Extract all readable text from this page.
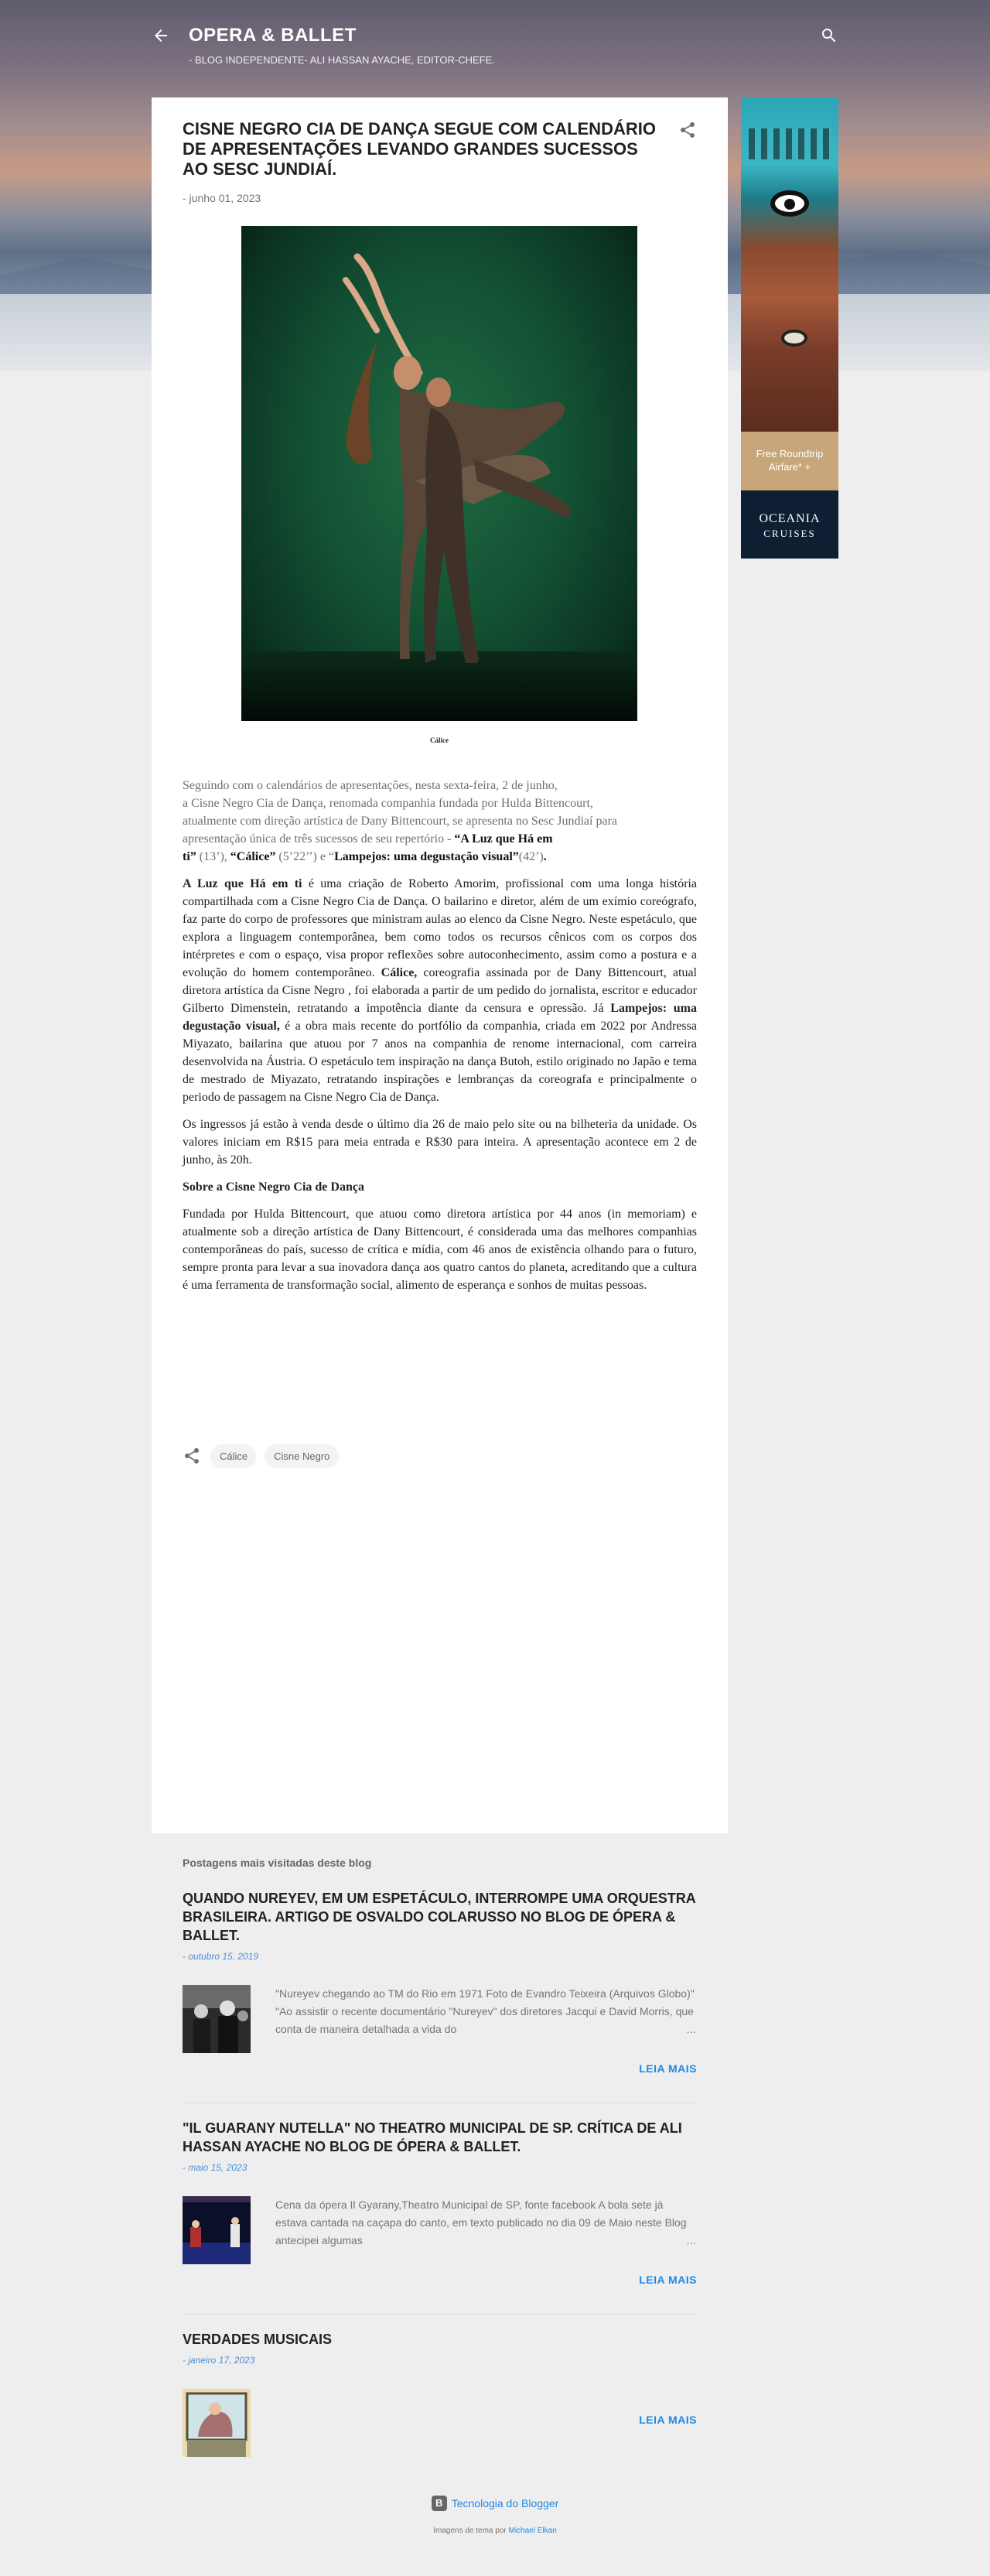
OPERA & BALLET

- BLOG INDEPENDENTE- ALI HASSAN AYACHE, EDITOR-CHEFE.

CISNE NEGRO CIA DE DANÇA SEGUE COM CALENDÁRIO DE APRESENTAÇÕES LEVANDO GRANDES SUCESSOS AO SESC JUNDIAÍ.
- junho 01, 2023
Cálice

Seguindo com o calendários de apresentações, nesta sexta-feira, 2 de junho,
a Cisne Negro Cia de Dança, renomada companhia fundada por Hulda Bittencourt,
atualmente com direção artística de Dany Bittencourt, se apresenta no Sesc Jundiaí para
apresentação única de três sucessos de seu repertório - “A Luz que Há em
ti” (13’), “Cálice” (5’22’’) e “Lampejos: uma degustação visual”(42’).

A Luz que Há em ti é uma criação de Roberto Amorim, profissional com uma longa história compartilhada com a Cisne Negro Cia de Dança. O bailarino e diretor, além de um exímio coreógrafo, faz parte do corpo de professores que ministram aulas ao elenco da Cisne Negro. Neste espetáculo, que explora a linguagem contemporânea, bem como todos os recursos cênicos com os corpos dos intérpretes e com o espaço, visa propor reflexões sobre autoconhecimento, assim como a postura e a evolução do homem contemporâneo. Cálice, coreografia assinada por de Dany Bittencourt, atual diretora artística da Cisne Negro , foi elaborada a partir de um pedido do jornalista, escritor e educador Gilberto Dimenstein, retratando a impotência diante da censura e opressão. Já Lampejos: uma degustação visual, é a obra mais recente do portfólio da companhia, criada em 2022 por Andressa Miyazato, bailarina que atuou por 7 anos na companhia de renome internacional, com carreira desenvolvida na Áustria. O espetáculo tem inspiração na dança Butoh, estilo originado no Japão e tema de mestrado de Miyazato, retratando inspirações e lembranças da coreografa e principalmente o periodo de passagem na Cisne Negro Cia de Dança.

Os ingressos já estão à venda desde o último dia 26 de maio pelo site ou na bilheteria da unidade. Os valores iniciam em R$15 para meia entrada e R$30 para inteira. A apresentação acontece em 2 de junho, às 20h.

Sobre a Cisne Negro Cia de Dança

Fundada por Hulda Bittencourt, que atuou como diretora artística por 44 anos (in memoriam) e atualmente sob a direção artística de Dany Bittencourt, é considerada uma das melhores companhias contemporâneas do país, sucesso de crítica e mídia, com 46 anos de existência olhando para o futuro, sempre pronta para levar a sua inovadora dança aos quatro cantos do planeta, acreditando que a cultura é uma ferramenta de transformação social, alimento de esperança e sonhos de muitas pessoas.

Cálice	Cisne Negro
Free Roundtrip Airfare* +
OCEANIA
CRUISES
Postagens mais visitadas deste blog
QUANDO NUREYEV, EM UM ESPETÁCULO, INTERROMPE UMA ORQUESTRA BRASILEIRA. ARTIGO DE OSVALDO COLARUSSO NO BLOG DE ÓPERA & BALLET.
- outubro 15, 2019
"Nureyev chegando ao TM do Rio em 1971 Foto de Evandro Teixeira (Arquivos Globo)" "Ao assistir o recente documentário "Nureyev" dos diretores Jacqui e David Morris, que conta de maneira detalhada a vida do	…
LEIA MAIS
"IL GUARANY NUTELLA" NO THEATRO MUNICIPAL DE SP. CRÍTICA DE ALI HASSAN AYACHE NO BLOG DE ÓPERA & BALLET.
- maio 15, 2023
Cena da ópera Il Gyarany,Theatro Municipal de SP, fonte facebook A bola sete já estava cantada na caçapa do canto, em texto publicado no dia 09 de Maio neste Blog antecipei algumas	…
LEIA MAIS
VERDADES MUSICAIS
- janeiro 17, 2023
LEIA MAIS
B Tecnologia do Blogger
Imagens de tema por Michael Elkan
